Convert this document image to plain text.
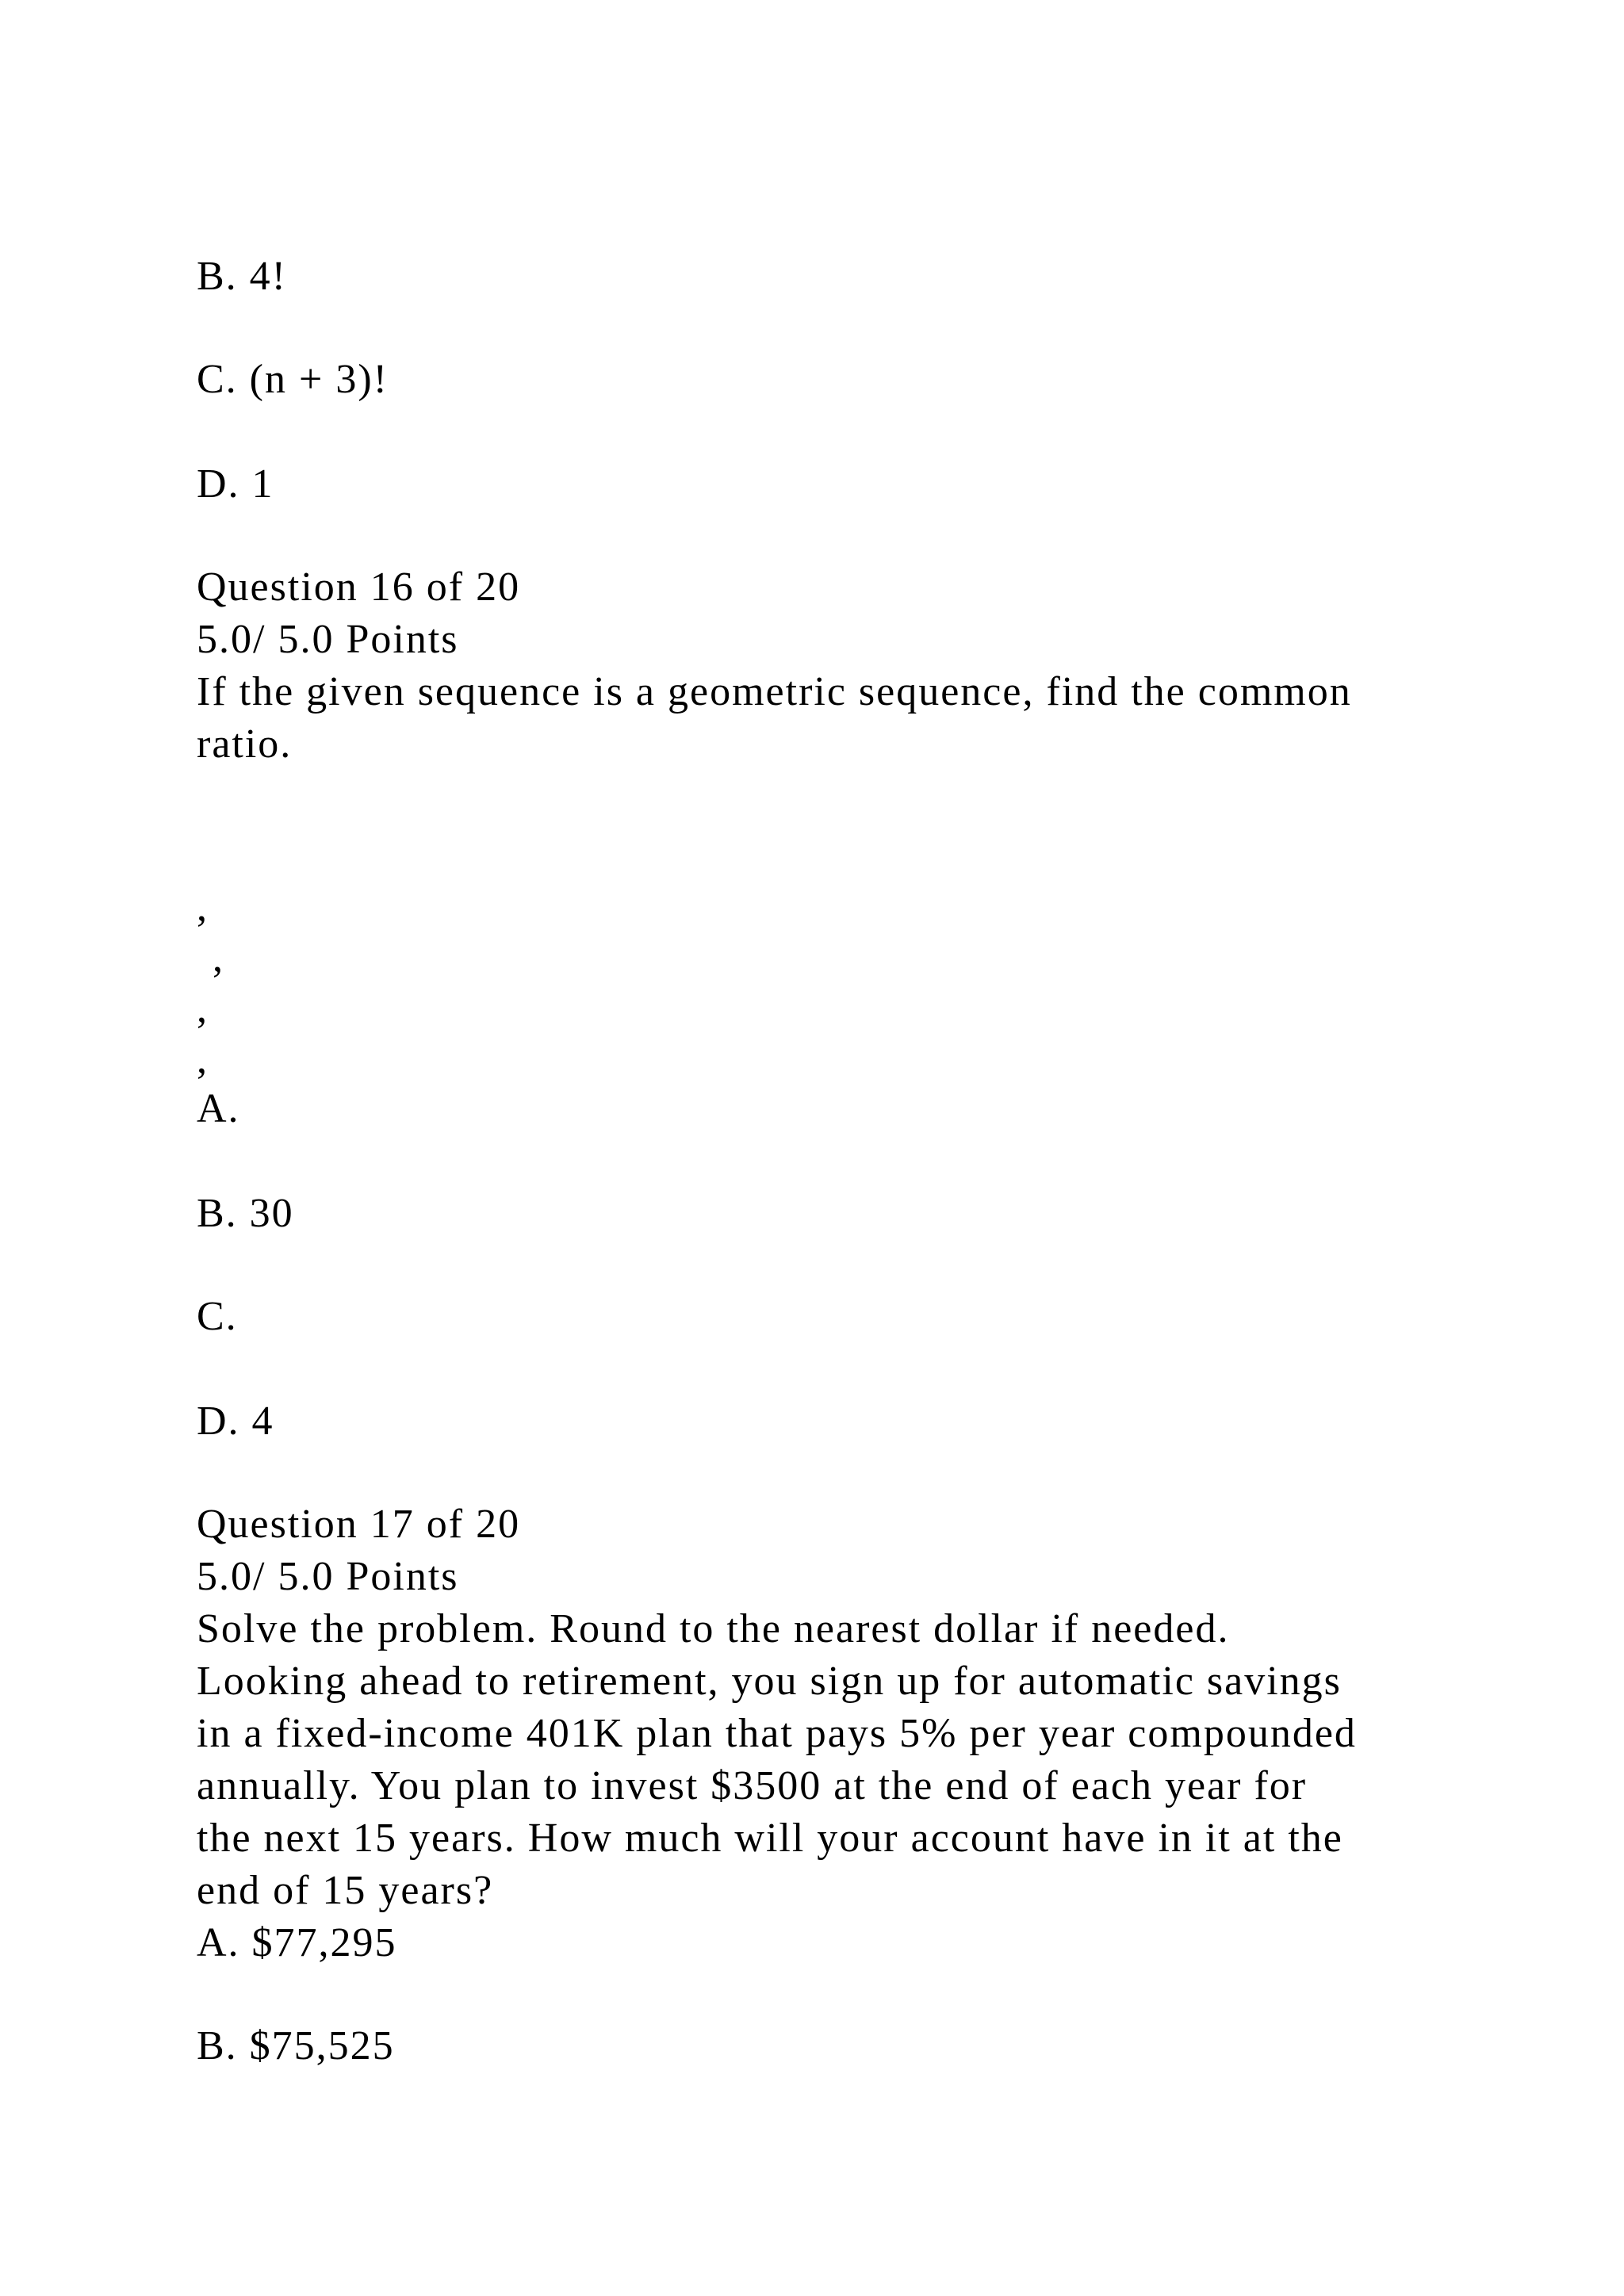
B. 4!
C. (n + 3)!
D. 1
Question 16 of 20
5.0/ 5.0 Points
If the given sequence is a geometric sequence, find the common
ratio.
,
,
,
,
A.
B. 30
C.
D. 4
Question 17 of 20
5.0/ 5.0 Points
Solve the problem. Round to the nearest dollar if needed.
Looking ahead to retirement, you sign up for automatic savings
in a fixed-income 401K plan that pays 5% per year compounded
annually. You plan to invest $3500 at the end of each year for
the next 15 years. How much will your account have in it at the
end of 15 years?
A. $77,295
B. $75,525
